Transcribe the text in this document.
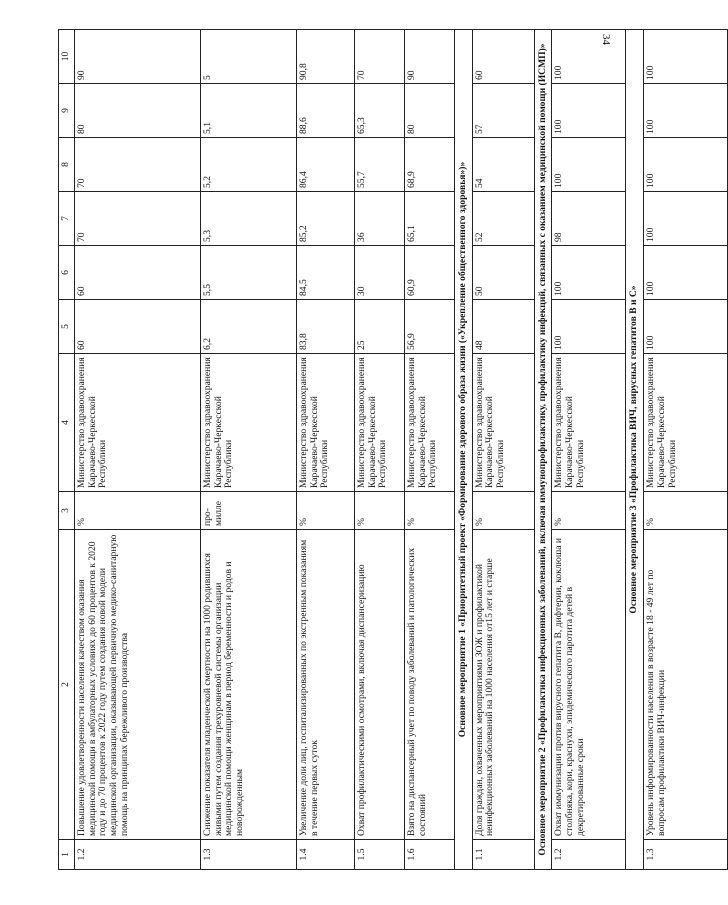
34
1	2	3	4	5	6	7	8	9	10
1.2	Повышение удовлетворенности населения качеством оказания медицинской помощи в амбулаторных условиях до 60 процентов к 2020 году и до 70 процентов к 2022 году путем создания новой модели медицинской организации, оказывающей первичную медико-санитарную помощь на принципах бережливого производства	%	Министерство здравоохранения Карачаево-Черкесской Республики	60	60	70	70	80	90
1.3	Снижение показателя младенческой смертности на 1000 родившихся живыми путем создания трехуровневой системы организации медицинской помощи женщинам в период беременности и родов и новорожденным	про-милле	Министерство здравоохранения Карачаево-Черкесской Республики	6,2	5,5	5,3	5,2	5,1	5
1.4	Увеличение доли лиц, госпитализированных по экстренным показаниям в течение первых суток	%	Министерство здравоохранения Карачаево-Черкесской Республики	83,8	84,5	85,2	86,4	88,6	90,8
1.5	Охват профилактическими осмотрами, включая диспансеризацию	%	Министерство здравоохранения Карачаево-Черкесской Республики	25	30	36	55,7	65,3	70
1.6	Взято на диспансерный учет по поводу заболеваний и патологических состояний	%	Министерство здравоохранения Карачаево-Черкесской Республики	56,9	60,9	65,1	68,9	80	90
Основное мероприятие 1 «Приоритетный проект «Формирование здорового образа жизни («Укрепление общественного здоровья»)»									
1.1	Доля граждан, охваченных мероприятиями ЗОЖ и профилактикой неинфекционных заболеваний на 1000 населения от15 лет и старше	%	Министерство здравоохранения Карачаево-Черкесской Республики	48	50	52	54	57	60
Основное мероприятие 2 «Профилактика инфекционных заболеваний, включая иммунопрофилактику, профилактику инфекций, связанных с оказанием медицинской помощи (ИСМП)»									
1.2	Охват иммунизации против вирусного гепатита В, дифтерии, коклюша и столбняка, кори, краснухи, эпидемического паротита детей в декретированные сроки	%	Министерство здравоохранения Карачаево-Черкесской Республики	100	100	98	100	100	100
Основное мероприятие 3 «Профилактика ВИЧ, вирусных гепатитов В и С»									
1.3	Уровень информированности населения в возрасте 18 - 49 лет по вопросам профилактики ВИЧ-инфекции	%	Министерство здравоохранения Карачаево-Черкесской Республики	100	100	100	100	100	100
